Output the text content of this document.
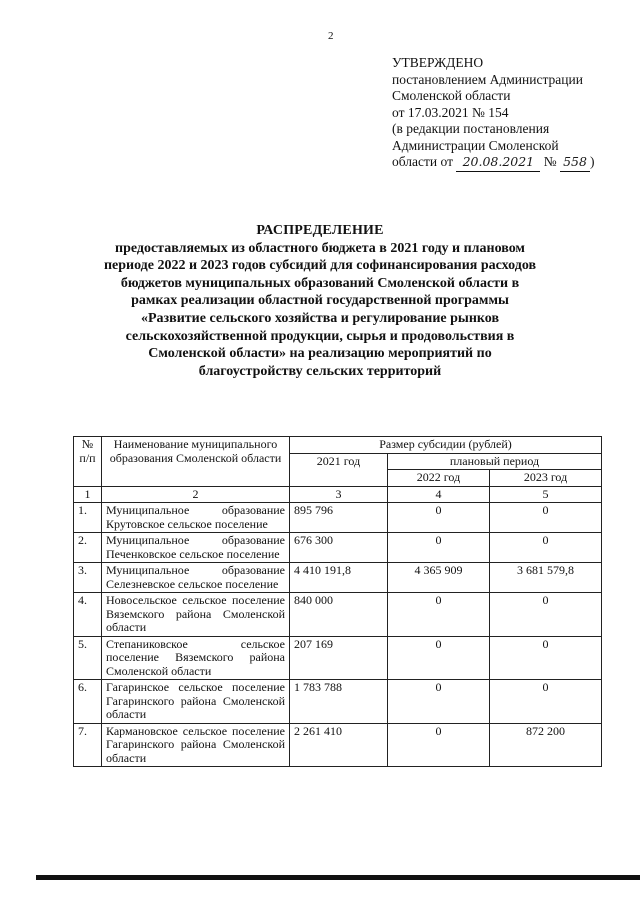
2
УТВЕРЖДЕНО
постановлением Администрации
Смоленской области
от 17.03.2021 № 154
(в редакции постановления
Администрации Смоленской
области от 20.08.2021 № 558 )
РАСПРЕДЕЛЕНИЕ
предоставляемых из областного бюджета в 2021 году и плановом периоде 2022 и 2023 годов субсидий для софинансирования расходов бюджетов муниципальных образований Смоленской области в рамках реализации областной государственной программы «Развитие сельского хозяйства и регулирование рынков сельскохозяйственной продукции, сырья и продовольствия в Смоленской области» на реализацию мероприятий по благоустройству сельских территорий
№ п/п	Наименование муниципального образования Смоленской области	Размер субсидии (рублей)		
		2021 год	плановый период	
			2022 год	2023 год
1	2	3	4	5
1.	Муниципальное образование Крутовское сельское поселение	895 796	0	0
2.	Муниципальное образование Печенковское сельское поселение	676 300	0	0
3.	Муниципальное образование Селезневское сельское поселение	4 410 191,8	4 365 909	3 681 579,8
4.	Новосельское сельское поселение Вяземского района Смоленской области	840 000	0	0
5.	Степаниковское сельское поселение Вяземского района Смоленской области	207 169	0	0
6.	Гагаринское сельское поселение Гагаринского района Смоленской области	1 783 788	0	0
7.	Кармановское сельское поселение Гагаринского района Смоленской области	2 261 410	0	872 200
